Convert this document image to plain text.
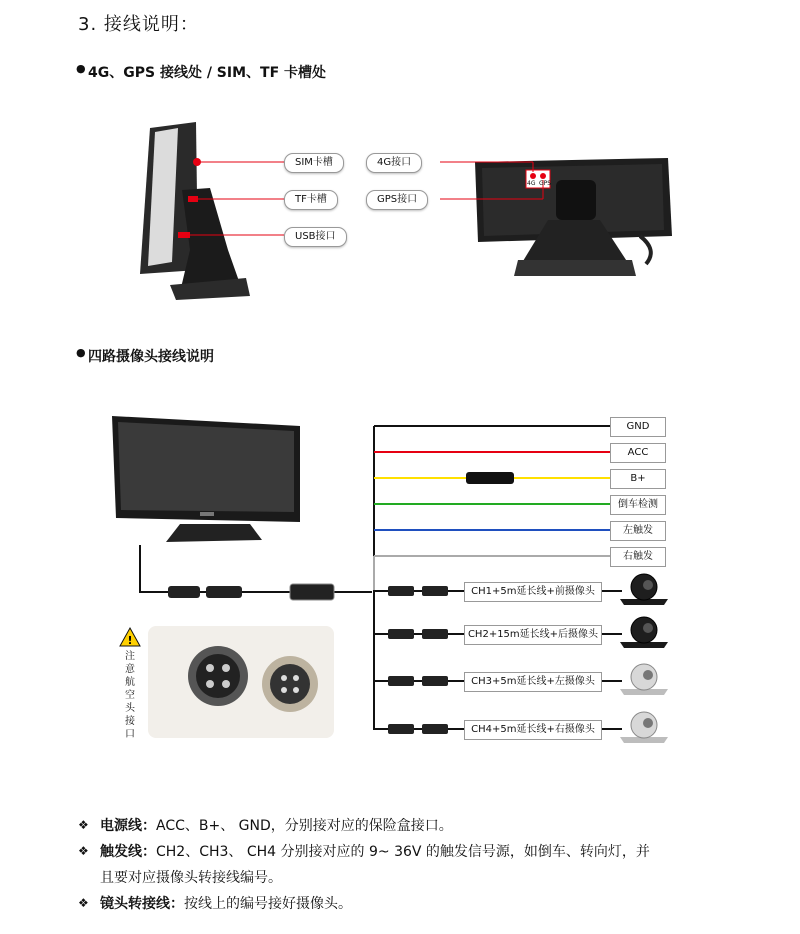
3. 接线说明：
● 4G、GPS 接线处 / SIM、TF 卡槽处
!
SIM卡槽
TF卡槽
USB接口
4G接口
GPS接口
4G GPS
● 四路摄像头接线说明
GND
ACC
B+
倒车检测
左触发
右触发
CH1+5m延长线+前摄像头
CH2+15m延长线+后摄像头
CH3+5m延长线+左摄像头
CH4+5m延长线+右摄像头
注意航空头接口
❖ 电源线：ACC、B+、 GND，分别接对应的保险盒接口。
❖ 触发线：CH2、CH3、 CH4 分别接对应的 9~ 36V 的触发信号源，如倒车、转向灯，并
且要对应摄像头转接线编号。
❖ 镜头转接线：按线上的编号接好摄像头。
